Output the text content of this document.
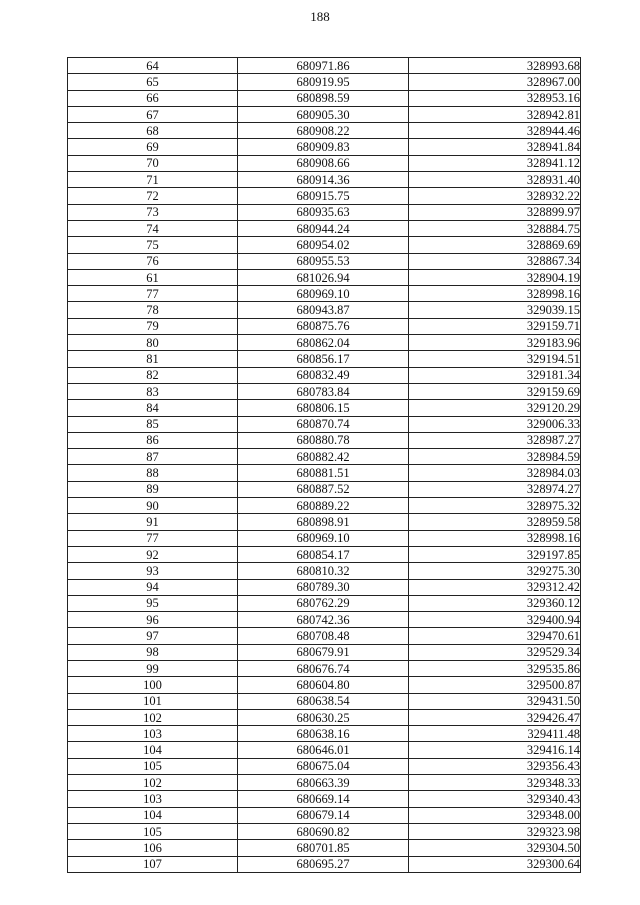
188
64	680971.86	328993.68
65	680919.95	328967.00
66	680898.59	328953.16
67	680905.30	328942.81
68	680908.22	328944.46
69	680909.83	328941.84
70	680908.66	328941.12
71	680914.36	328931.40
72	680915.75	328932.22
73	680935.63	328899.97
74	680944.24	328884.75
75	680954.02	328869.69
76	680955.53	328867.34
61	681026.94	328904.19
77	680969.10	328998.16
78	680943.87	329039.15
79	680875.76	329159.71
80	680862.04	329183.96
81	680856.17	329194.51
82	680832.49	329181.34
83	680783.84	329159.69
84	680806.15	329120.29
85	680870.74	329006.33
86	680880.78	328987.27
87	680882.42	328984.59
88	680881.51	328984.03
89	680887.52	328974.27
90	680889.22	328975.32
91	680898.91	328959.58
77	680969.10	328998.16
92	680854.17	329197.85
93	680810.32	329275.30
94	680789.30	329312.42
95	680762.29	329360.12
96	680742.36	329400.94
97	680708.48	329470.61
98	680679.91	329529.34
99	680676.74	329535.86
100	680604.80	329500.87
101	680638.54	329431.50
102	680630.25	329426.47
103	680638.16	329411.48
104	680646.01	329416.14
105	680675.04	329356.43
102	680663.39	329348.33
103	680669.14	329340.43
104	680679.14	329348.00
105	680690.82	329323.98
106	680701.85	329304.50
107	680695.27	329300.64
